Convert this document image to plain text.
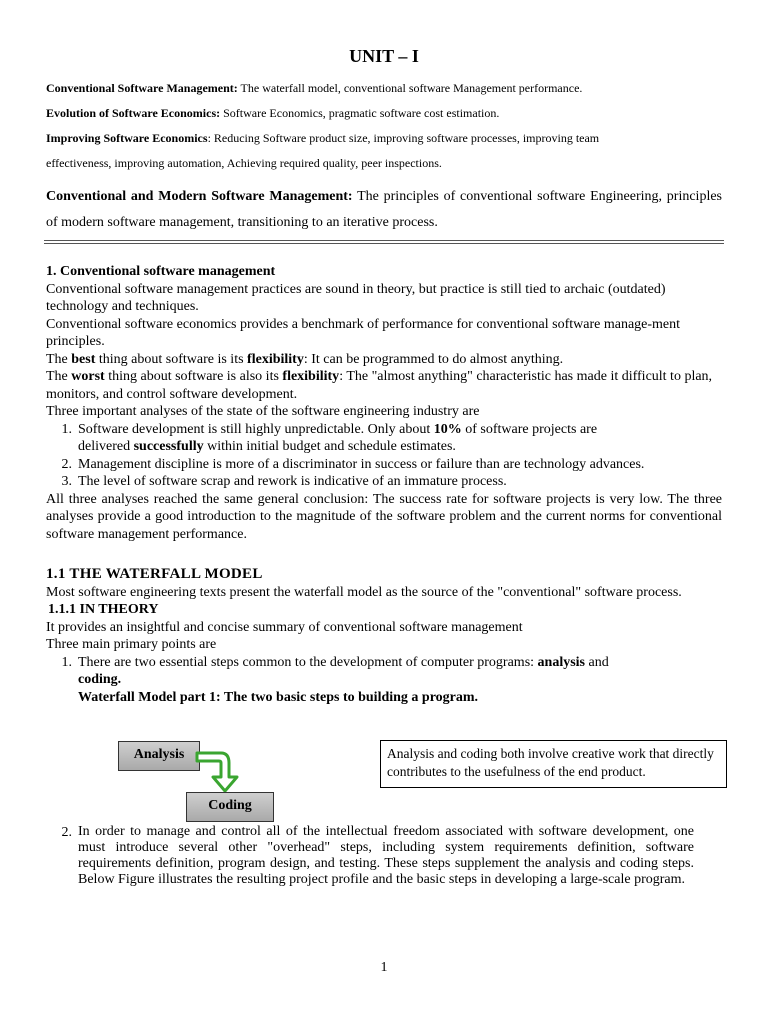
UNIT – I
Conventional Software Management: The waterfall model, conventional software Management performance.
Evolution of Software Economics: Software Economics, pragmatic software cost estimation.
Improving Software Economics: Reducing Software product size, improving software processes, improving team
effectiveness, improving automation, Achieving required quality, peer inspections.
Conventional and Modern Software Management: The principles of conventional software Engineering, principles of modern software management, transitioning to an iterative process.

1. Conventional software management

Conventional software management practices are sound in theory, but practice is still tied to archaic (outdated) technology and techniques.

Conventional software economics provides a benchmark of performance for conventional software manage-ment principles.

The best thing about software is its flexibility: It can be programmed to do almost anything.

The worst thing about software is also its flexibility: The "almost anything" characteristic has made it difficult to plan, monitors, and control software development.

Three important analyses of the state of the software engineering industry are

1. Software development is still highly unpredictable. Only about 10% of software projects are
delivered successfully within initial budget and schedule estimates.
2. Management discipline is more of a discriminator in success or failure than are technology advances.
3. The level of software scrap and rework is indicative of an immature process.

All three analyses reached the same general conclusion: The success rate for software projects is very low. The three analyses provide a good introduction to the magnitude of the software problem and the current norms for conventional software management performance.

1.1 THE WATERFALL MODEL

Most software engineering texts present the waterfall model as the source of the "conventional" software process.

1.1.1 IN THEORY

It provides an insightful and concise summary of conventional software management

Three main primary points are

1. There are two essential steps common to the development of computer programs: analysis and
coding.
Waterfall Model part 1: The two basic steps to building a program.
Analysis
Coding
Analysis and coding both involve creative work that directly contributes to the usefulness of the end product.
2. In order to manage and control all of the intellectual freedom associated with software development, one must introduce several other "overhead" steps, including system requirements definition, software requirements definition, program design, and testing. These steps supplement the analysis and coding steps. Below Figure illustrates the resulting project profile and the basic steps in developing a large-scale program.
1
